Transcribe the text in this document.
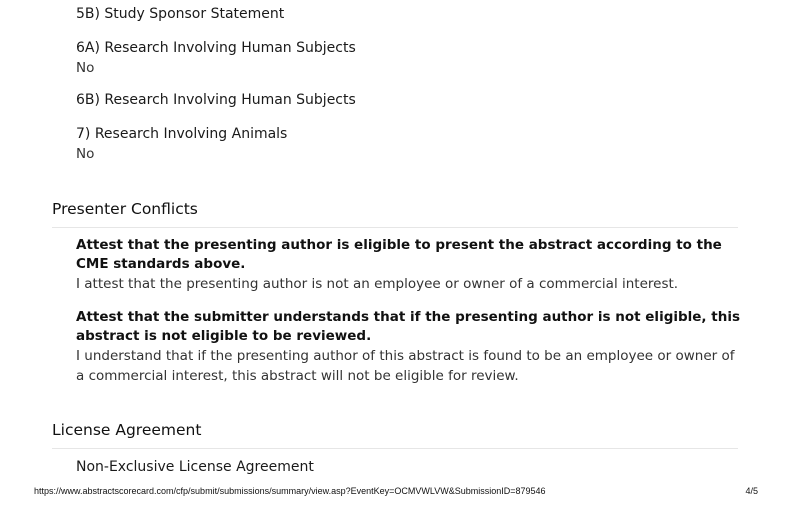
5B) Study Sponsor Statement
6A) Research Involving Human Subjects
No
6B) Research Involving Human Subjects
7) Research Involving Animals
No
Presenter Conflicts
Attest that the presenting author is eligible to present the abstract according to the CME standards above.
I attest that the presenting author is not an employee or owner of a commercial interest.
Attest that the submitter understands that if the presenting author is not eligible, this abstract is not eligible to be reviewed.
I understand that if the presenting author of this abstract is found to be an employee or owner of a commercial interest, this abstract will not be eligible for review.
License Agreement
Non-Exclusive License Agreement
https://www.abstractscorecard.com/cfp/submit/submissions/summary/view.asp?EventKey=OCMVWLVW&SubmissionID=879546	4/5
